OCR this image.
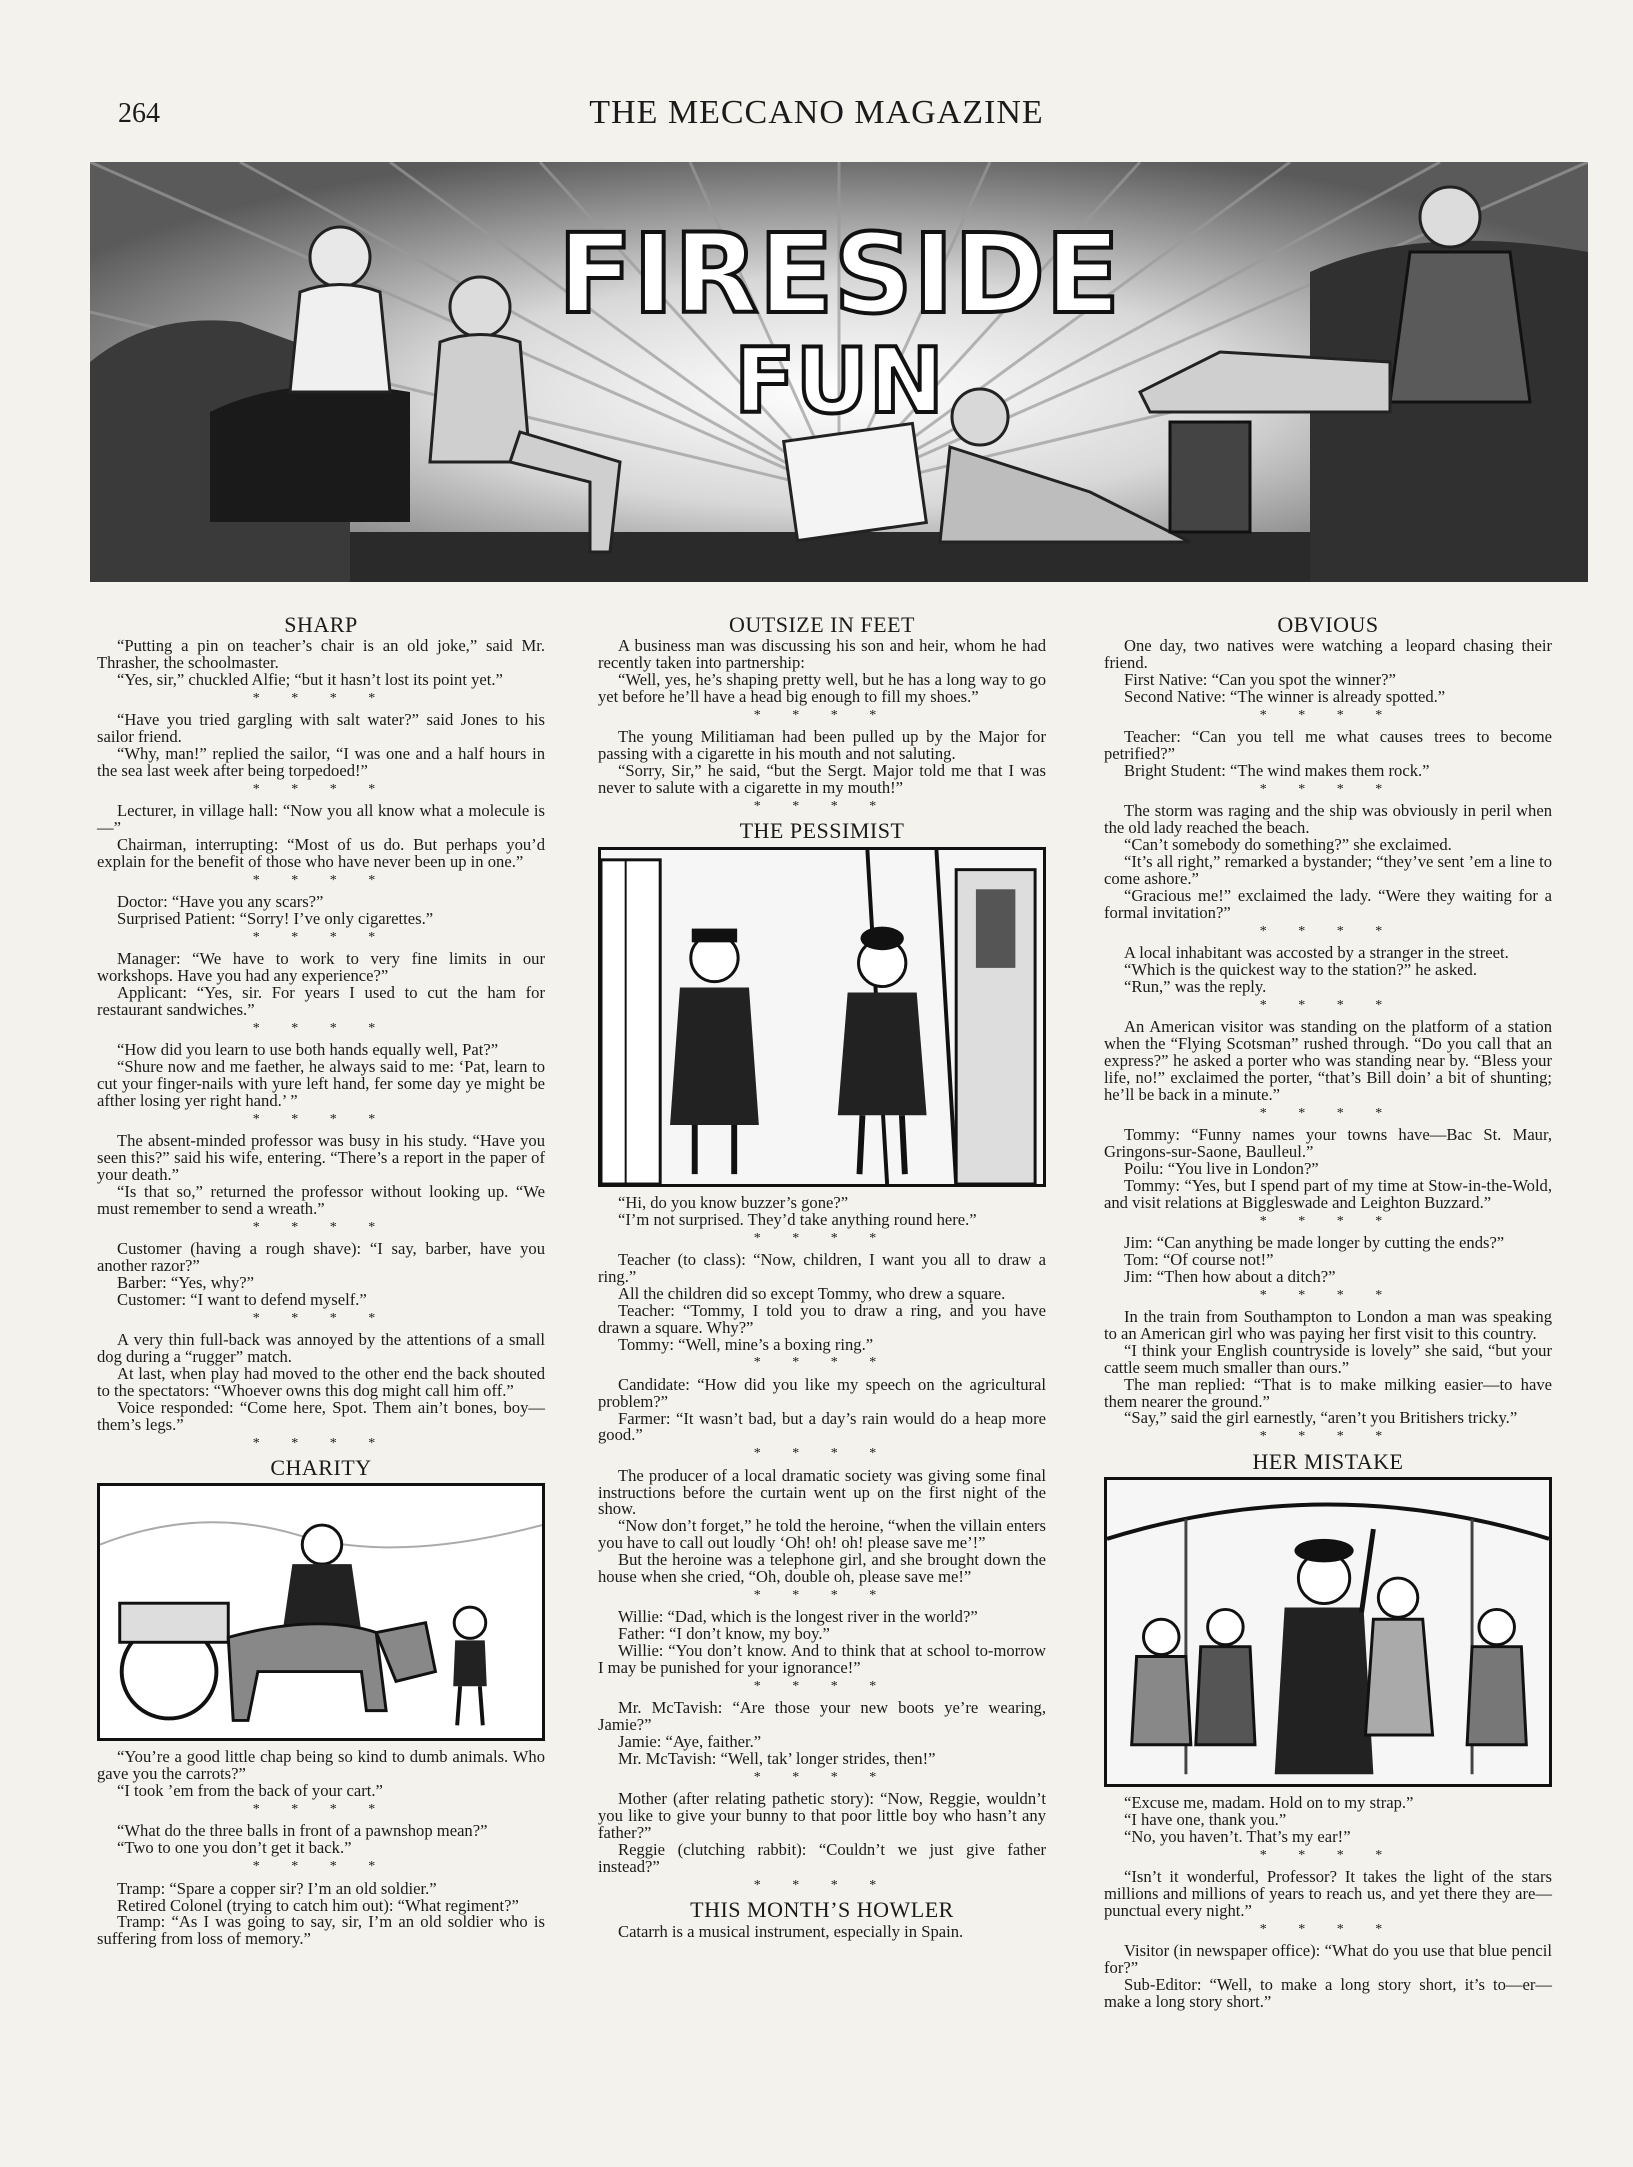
264	THE MECCANO MAGAZINE
FIRESIDE
FUN
SHARP

“Putting a pin on teacher’s chair is an old joke,” said Mr. Thrasher, the schoolmaster.

“Yes, sir,” chuckled Alfie; “but it hasn’t lost its point yet.”

* * * *

“Have you tried gargling with salt water?” said Jones to his sailor friend.

“Why, man!” replied the sailor, “I was one and a half hours in the sea last week after being torpedoed!”

* * * *

Lecturer, in village hall: “Now you all know what a molecule is—”

Chairman, interrupting: “Most of us do. But perhaps you’d explain for the benefit of those who have never been up in one.”

* * * *

Doctor: “Have you any scars?”

Surprised Patient: “Sorry! I’ve only cigarettes.”

* * * *

Manager: “We have to work to very fine limits in our workshops. Have you had any experience?”

Applicant: “Yes, sir. For years I used to cut the ham for restaurant sandwiches.”

* * * *

“How did you learn to use both hands equally well, Pat?”

“Shure now and me faether, he always said to me: ‘Pat, learn to cut your finger-nails with yure left hand, fer some day ye might be afther losing yer right hand.’ ”

* * * *

The absent-minded professor was busy in his study. “Have you seen this?” said his wife, entering. “There’s a report in the paper of your death.”

“Is that so,” returned the professor without looking up. “We must remember to send a wreath.”

* * * *

Customer (having a rough shave): “I say, barber, have you another razor?”

Barber: “Yes, why?”

Customer: “I want to defend myself.”

* * * *

A very thin full-back was annoyed by the attentions of a small dog during a “rugger” match.

At last, when play had moved to the other end the back shouted to the spectators: “Whoever owns this dog might call him off.”

Voice responded: “Come here, Spot. Them ain’t bones, boy—them’s legs.”

* * * *
CHARITY

“You’re a good little chap being so kind to dumb animals. Who gave you the carrots?”

“I took ’em from the back of your cart.”

* * * *

“What do the three balls in front of a pawnshop mean?”

“Two to one you don’t get it back.”

* * * *

Tramp: “Spare a copper sir? I’m an old soldier.”

Retired Colonel (trying to catch him out): “What regiment?”

Tramp: “As I was going to say, sir, I’m an old soldier who is suffering from loss of memory.”

OUTSIZE IN FEET

A business man was discussing his son and heir, whom he had recently taken into partnership:

“Well, yes, he’s shaping pretty well, but he has a long way to go yet before he’ll have a head big enough to fill my shoes.”

* * * *

The young Militiaman had been pulled up by the Major for passing with a cigarette in his mouth and not saluting.

“Sorry, Sir,” he said, “but the Sergt. Major told me that I was never to salute with a cigarette in my mouth!”

* * * *
THE PESSIMIST

“Hi, do you know buzzer’s gone?”

“I’m not surprised. They’d take anything round here.”

* * * *

Teacher (to class): “Now, children, I want you all to draw a ring.”

All the children did so except Tommy, who drew a square.

Teacher: “Tommy, I told you to draw a ring, and you have drawn a square. Why?”

Tommy: “Well, mine’s a boxing ring.”

* * * *

Candidate: “How did you like my speech on the agricultural problem?”

Farmer: “It wasn’t bad, but a day’s rain would do a heap more good.”

* * * *

The producer of a local dramatic society was giving some final instructions before the curtain went up on the first night of the show.

“Now don’t forget,” he told the heroine, “when the villain enters you have to call out loudly ‘Oh! oh! oh! please save me’!”

But the heroine was a telephone girl, and she brought down the house when she cried, “Oh, double oh, please save me!”

* * * *

Willie: “Dad, which is the longest river in the world?”

Father: “I don’t know, my boy.”

Willie: “You don’t know. And to think that at school to-morrow I may be punished for your ignorance!”

* * * *

Mr. McTavish: “Are those your new boots ye’re wearing, Jamie?”

Jamie: “Aye, faither.”

Mr. McTavish: “Well, tak’ longer strides, then!”

* * * *

Mother (after relating pathetic story): “Now, Reggie, wouldn’t you like to give your bunny to that poor little boy who hasn’t any father?”

Reggie (clutching rabbit): “Couldn’t we just give father instead?”

* * * *
THIS MONTH’S HOWLER

Catarrh is a musical instrument, especially in Spain.

OBVIOUS

One day, two natives were watching a leopard chasing their friend.

First Native: “Can you spot the winner?”

Second Native: “The winner is already spotted.”

* * * *

Teacher: “Can you tell me what causes trees to become petrified?”

Bright Student: “The wind makes them rock.”

* * * *

The storm was raging and the ship was obviously in peril when the old lady reached the beach.

“Can’t somebody do something?” she exclaimed.

“It’s all right,” remarked a bystander; “they’ve sent ’em a line to come ashore.”

“Gracious me!” exclaimed the lady. “Were they waiting for a formal invitation?”

* * * *

A local inhabitant was accosted by a stranger in the street.

“Which is the quickest way to the station?” he asked.

“Run,” was the reply.

* * * *

An American visitor was standing on the platform of a station when the “Flying Scotsman” rushed through. “Do you call that an express?” he asked a porter who was standing near by. “Bless your life, no!” exclaimed the porter, “that’s Bill doin’ a bit of shunting; he’ll be back in a minute.”

* * * *

Tommy: “Funny names your towns have—Bac St. Maur, Gringons-sur-Saone, Baulleul.”

Poilu: “You live in London?”

Tommy: “Yes, but I spend part of my time at Stow-in-the-Wold, and visit relations at Biggleswade and Leighton Buzzard.”

* * * *

Jim: “Can anything be made longer by cutting the ends?”

Tom: “Of course not!”

Jim: “Then how about a ditch?”

* * * *

In the train from Southampton to London a man was speaking to an American girl who was paying her first visit to this country.

“I think your English countryside is lovely” she said, “but your cattle seem much smaller than ours.”

The man replied: “That is to make milking easier—to have them nearer the ground.”

“Say,” said the girl earnestly, “aren’t you Britishers tricky.”

* * * *
HER MISTAKE

“Excuse me, madam. Hold on to my strap.”

“I have one, thank you.”

“No, you haven’t. That’s my ear!”

* * * *

“Isn’t it wonderful, Professor? It takes the light of the stars millions and millions of years to reach us, and yet there they are—punctual every night.”

* * * *

Visitor (in newspaper office): “What do you use that blue pencil for?”

Sub-Editor: “Well, to make a long story short, it’s to—er—make a long story short.”
